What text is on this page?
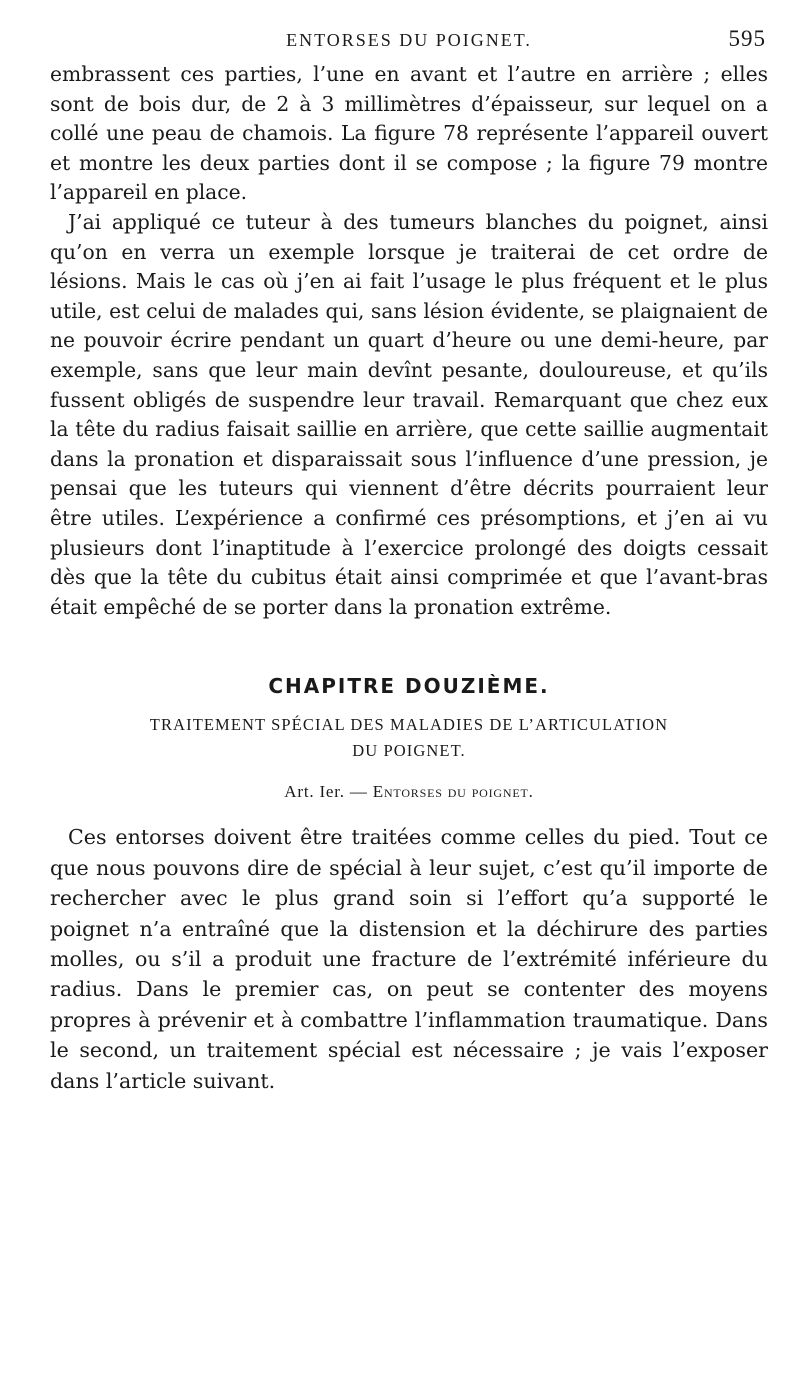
ENTORSES DU POIGNET.	595

embrassent ces parties, l’une en avant et l’autre en arrière ; elles sont de bois dur, de 2 à 3 millimètres d’épaisseur, sur lequel on a collé une peau de chamois. La figure 78 représente l’appareil ouvert et montre les deux parties dont il se compose ; la figure 79 montre l’appareil en place.

J’ai appliqué ce tuteur à des tumeurs blanches du poignet, ainsi qu’on en verra un exemple lorsque je traiterai de cet ordre de lésions. Mais le cas où j’en ai fait l’usage le plus fréquent et le plus utile, est celui de malades qui, sans lésion évidente, se plaignaient de ne pouvoir écrire pendant un quart d’heure ou une demi-heure, par exemple, sans que leur main devînt pesante, douloureuse, et qu’ils fussent obligés de suspendre leur travail. Remarquant que chez eux la tête du radius faisait saillie en arrière, que cette saillie augmentait dans la pronation et disparaissait sous l’influence d’une pression, je pensai que les tuteurs qui viennent d’être décrits pourraient leur être utiles. L’expérience a confirmé ces présomptions, et j’en ai vu plusieurs dont l’inaptitude à l’exercice prolongé des doigts cessait dès que la tête du cubitus était ainsi comprimée et que l’avant-bras était empêché de se porter dans la pronation extrême.

CHAPITRE DOUZIÈME.
TRAITEMENT SPÉCIAL DES MALADIES DE L’ARTICULATION
DU POIGNET.
Art. Ier. — Entorses du poignet.

Ces entorses doivent être traitées comme celles du pied. Tout ce que nous pouvons dire de spécial à leur sujet, c’est qu’il importe de rechercher avec le plus grand soin si l’effort qu’a supporté le poignet n’a entraîné que la distension et la déchirure des parties molles, ou s’il a produit une fracture de l’extrémité inférieure du radius. Dans le premier cas, on peut se contenter des moyens propres à prévenir et à combattre l’inflammation traumatique. Dans le second, un traitement spécial est nécessaire ; je vais l’exposer dans l’article suivant.
